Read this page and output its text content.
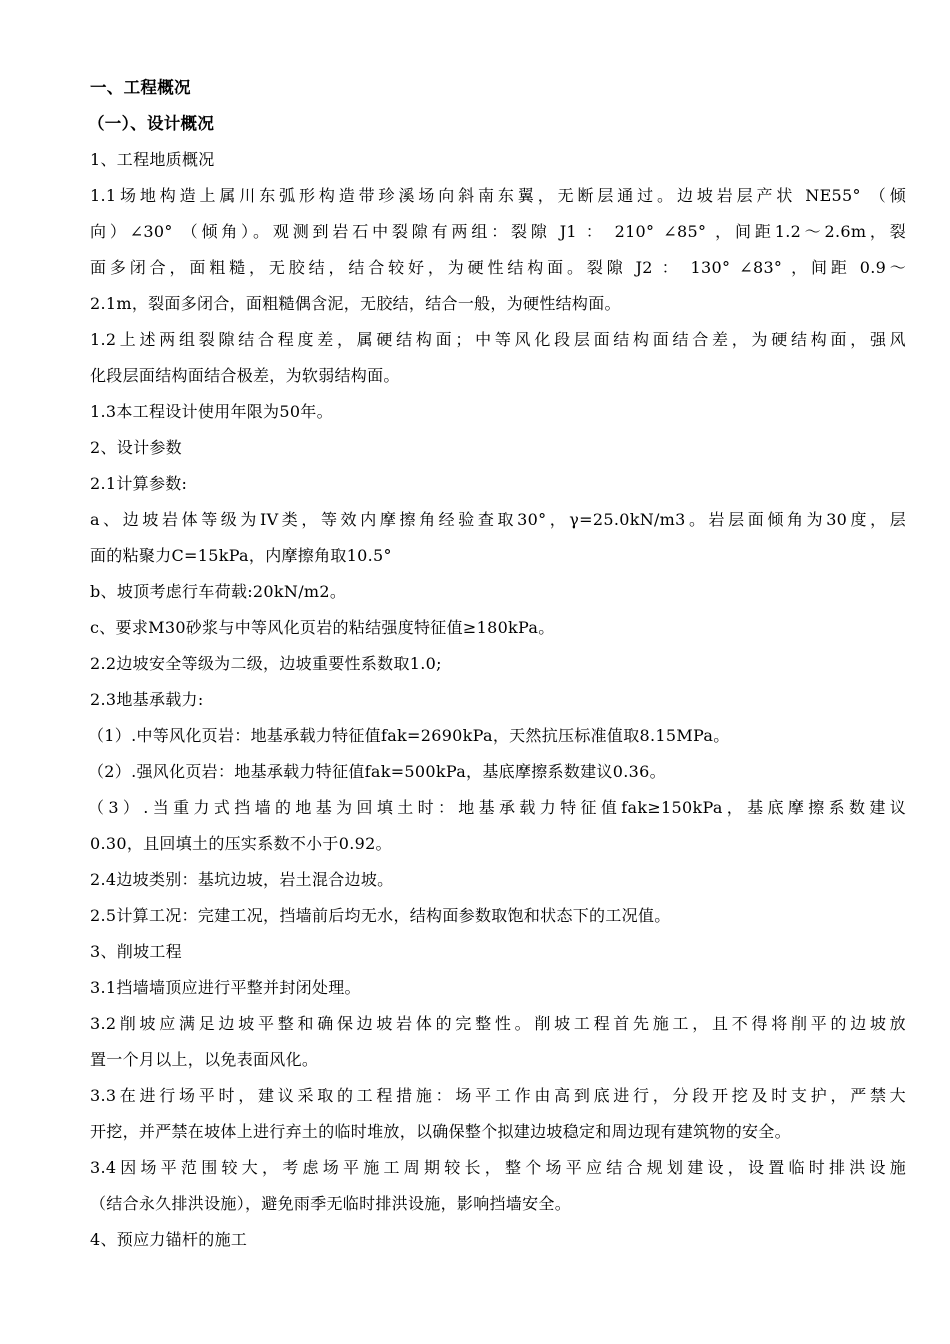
一、工程概况
（一）、设计概况
1、工程地质概况
1.1场地构造上属川东弧形构造带珍溪场向斜南东翼，无断层通过。边坡岩层产状 NE55° （倾
向）∠30° （倾角）。观测到岩石中裂隙有两组：裂隙 J1 ： 210° ∠85° ，间距1.2～2.6m，裂
面多闭合，面粗糙，无胶结，结合较好，为硬性结构面。裂隙 J2 ： 130° ∠83° ，间距 0.9～
2.1m，裂面多闭合，面粗糙偶含泥，无胶结，结合一般，为硬性结构面。
1.2上述两组裂隙结合程度差，属硬结构面；中等风化段层面结构面结合差，为硬结构面，强风
化段层面结构面结合极差，为软弱结构面。
1.3本工程设计使用年限为50年。
2、设计参数
2.1计算参数:
a、边坡岩体等级为IV类，等效内摩擦角经验查取30°，γ=25.0kN/m3。岩层面倾角为30度，层
面的粘聚力C=15kPa，内摩擦角取10.5°
b、坡顶考虑行车荷载:20kN/m2。
c、要求M30砂浆与中等风化页岩的粘结强度特征值≥180kPa。
2.2边坡安全等级为二级，边坡重要性系数取1.0;
2.3地基承载力:
（1）.中等风化页岩：地基承载力特征值fak=2690kPa，天然抗压标准值取8.15MPa。
（2）.强风化页岩：地基承载力特征值fak=500kPa，基底摩擦系数建议0.36。
（3）.当重力式挡墙的地基为回填土时：地基承载力特征值fak≥150kPa，基底摩擦系数建议
0.30，且回填土的压实系数不小于0.92。
2.4边坡类别：基坑边坡，岩土混合边坡。
2.5计算工况：完建工况，挡墙前后均无水，结构面参数取饱和状态下的工况值。
3、削坡工程
3.1挡墙墙顶应进行平整并封闭处理。
3.2削坡应满足边坡平整和确保边坡岩体的完整性。削坡工程首先施工，且不得将削平的边坡放
置一个月以上，以免表面风化。
3.3在进行场平时，建议采取的工程措施：场平工作由高到底进行，分段开挖及时支护，严禁大
开挖，并严禁在坡体上进行弃土的临时堆放，以确保整个拟建边坡稳定和周边现有建筑物的安全。
3.4因场平范围较大，考虑场平施工周期较长，整个场平应结合规划建设，设置临时排洪设施
（结合永久排洪设施），避免雨季无临时排洪设施，影响挡墙安全。
4、预应力锚杆的施工
